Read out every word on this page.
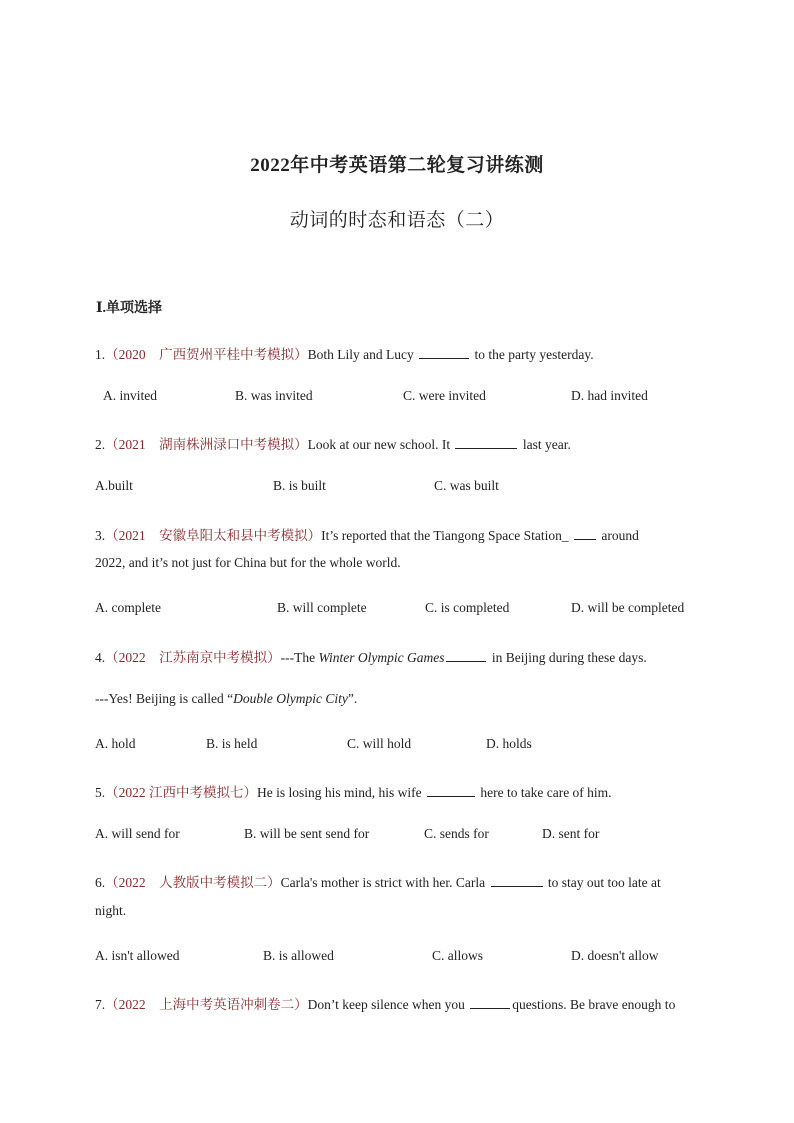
2022年中考英语第二轮复习讲练测
动词的时态和语态（二）
Ⅰ.单项选择
1.（2020　广西贺州平桂中考模拟）Both Lily and Lucy	to the party yesterday.
A. invited	B. was invited	C. were invited	D. had invited
2.（2021　湖南株洲渌口中考模拟）Look at our new school. It	last year.
A.built	B. is built	C. was built
3.（2021　安徽阜阳太和县中考模拟）It’s reported that the Tiangong Space Station_  around
2022, and it’s not just for China but for the whole world.
A. complete	B. will complete	C. is completed	D. will be completed
4.（2022　江苏南京中考模拟）---The Winter Olympic Games	in Beijing during these days.
---Yes! Beijing is called “Double Olympic City”.
A. hold	B. is held	C. will hold	D. holds
5.（2022 江西中考模拟七）He is losing his mind, his wife	here to take care of him.
A. will send for	B. will be sent send for	C. sends for	D. sent for
6.（2022　人教版中考模拟二）Carla's mother is strict with her. Carla	to stay out too late at
night.
A. isn't allowed	B. is allowed	C. allows	D. doesn't allow
7.（2022　上海中考英语冲刺卷二）Don’t keep silence when you	questions. Be brave enough to
